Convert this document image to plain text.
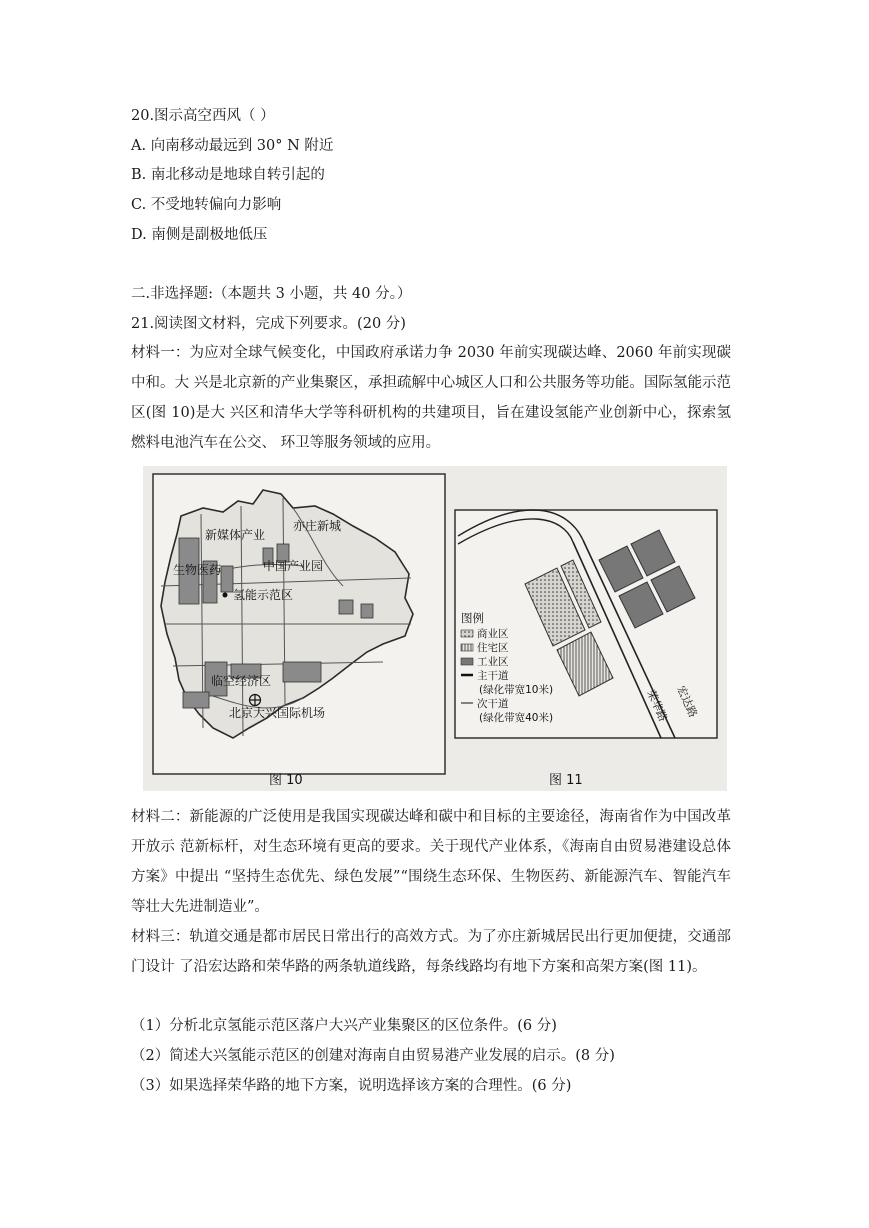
20.图示高空西风（ ）
A. 向南移动最远到 30° N 附近
B. 南北移动是地球自转引起的
C. 不受地转偏向力影响
D. 南侧是副极地低压
二.非选择题:（本题共 3 小题，共 40 分。）
21.阅读图文材料，完成下列要求。(20 分)
材料一：为应对全球气候变化，中国政府承诺力争 2030 年前实现碳达峰、2060 年前实现碳中和。大 兴是北京新的产业集聚区，承担疏解中心城区人口和公共服务等功能。国际氢能示范区(图 10)是大 兴区和清华大学等科研机构的共建项目，旨在建设氢能产业创新中心，探索氢燃料电池汽车在公交、 环卫等服务领域的应用。
亦庄新城
新媒体产业
生物医药	中国产业园
氢能示范区
临空经济区
北京大兴国际机场
图 10
图例
商业区
住宅区
工业区
主干道
(绿化带宽10米)
次干道
(绿化带宽40米)	宏达路
荣华路
图 11
材料二：新能源的广泛使用是我国实现碳达峰和碳中和目标的主要途径，海南省作为中国改革开放示 范新标杆，对生态环境有更高的要求。关于现代产业体系，《海南自由贸易港建设总体方案》中提出 “坚持生态优先、绿色发展”“围绕生态环保、生物医药、新能源汽车、智能汽车等壮大先进制造业”。
材料三：轨道交通是都市居民日常出行的高效方式。为了亦庄新城居民出行更加便捷，交通部门设计 了沿宏达路和荣华路的两条轨道线路，每条线路均有地下方案和高架方案(图 11)。
（1）分析北京氢能示范区落户大兴产业集聚区的区位条件。(6 分)
（2）简述大兴氢能示范区的创建对海南自由贸易港产业发展的启示。(8 分)
（3）如果选择荣华路的地下方案，说明选择该方案的合理性。(6 分)
